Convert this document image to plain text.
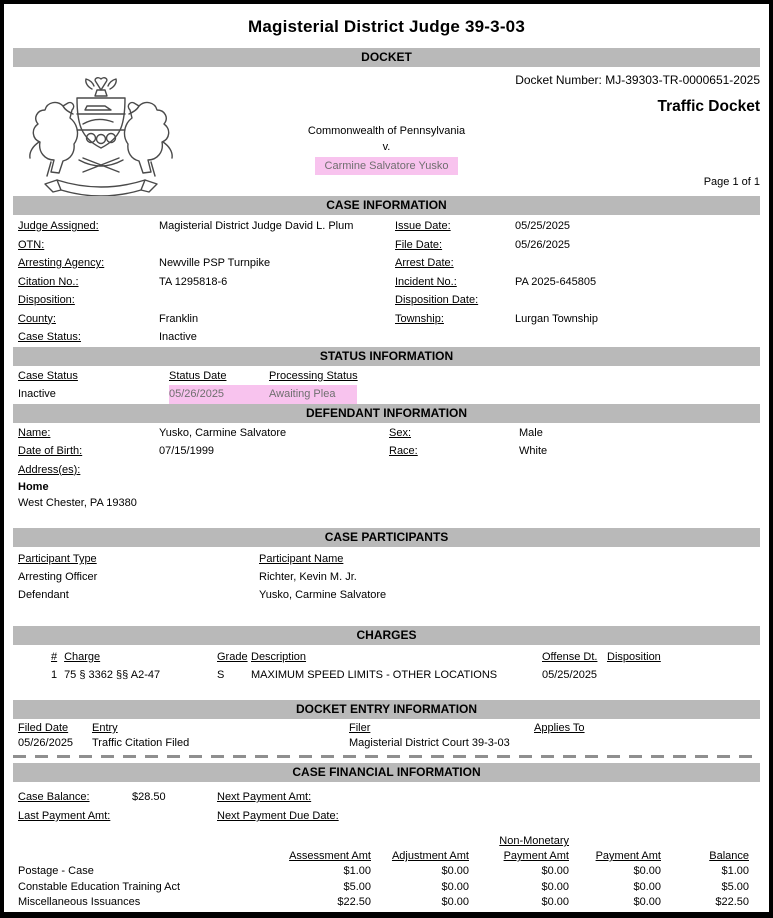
Magisterial District Judge 39-3-03
DOCKET
Docket Number: MJ-39303-TR-0000651-2025
Traffic Docket
Commonwealth of Pennsylvania
v.
Carmine Salvatore Yusko
Page 1 of 1
CASE INFORMATION
Judge Assigned:	Magisterial District Judge David L. Plum	Issue Date:	05/25/2025
OTN:	File Date:	05/26/2025
Arresting Agency:	Newville PSP Turnpike	Arrest Date:
Citation No.:	TA 1295818-6	Incident No.:	PA 2025-645805
Disposition:	Disposition Date:
County:	Franklin	Township:	Lurgan Township
Case Status:	Inactive
STATUS INFORMATION
Case Status	Status Date	Processing Status
Inactive	05/26/2025	Awaiting Plea
DEFENDANT INFORMATION
Name:	Yusko, Carmine Salvatore	Sex:	Male
Date of Birth:	07/15/1999	Race:	White
Address(es):
Home
West Chester, PA 19380
CASE PARTICIPANTS
Participant Type	Participant Name
Arresting Officer	Richter, Kevin M. Jr.
Defendant	Yusko, Carmine Salvatore
CHARGES
# Charge	Grade Description	Offense Dt. Disposition
1 75 § 3362 §§ A2-47	S	MAXIMUM SPEED LIMITS - OTHER LOCATIONS	05/25/2025
DOCKET ENTRY INFORMATION
Filed Date	Entry	Filer	Applies To
05/26/2025	Traffic Citation Filed	Magisterial District Court 39-3-03
CASE FINANCIAL INFORMATION
Case Balance:	$28.50	Next Payment Amt:
Last Payment Amt:	Next Payment Due Date:
Non-Monetary
Assessment Amt	Adjustment Amt	Payment Amt	Payment Amt	Balance
Postage - Case	$1.00	$0.00	$0.00	$0.00	$1.00
Constable Education Training Act	$5.00	$0.00	$0.00	$0.00	$5.00
Miscellaneous Issuances	$22.50	$0.00	$0.00	$0.00	$22.50
